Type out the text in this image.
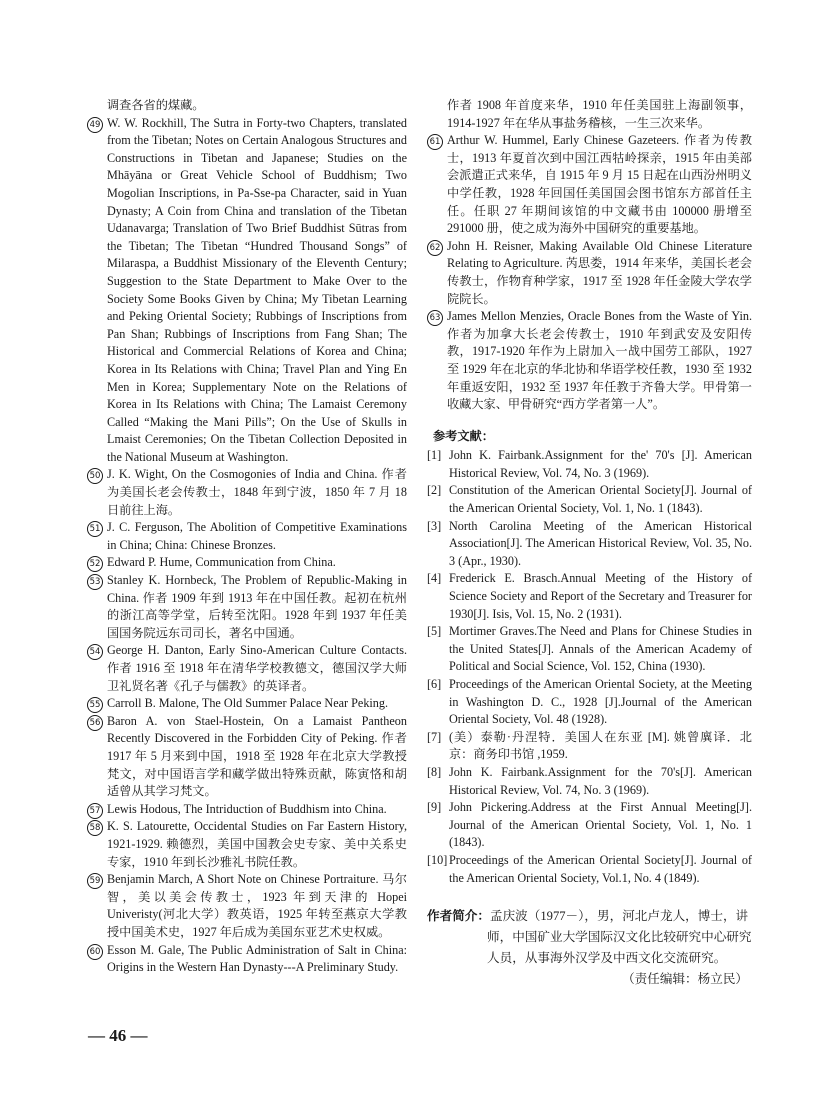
调查各省的煤藏。

49 W. W. Rockhill, The Sutra in Forty-two Chapters, translated from the Tibetan; Notes on Certain Analogous Structures and Constructions in Tibetan and Japanese; Studies on the Mhāyāna or Great Vehicle School of Buddhism; Two Mogolian Inscriptions, in Pa-Sse-pa Character, said in Yuan Dynasty; A Coin from China and translation of the Tibetan Udanavarga; Translation of Two Brief Buddhist Sūtras from the Tibetan; The Tibetan “Hundred Thousand Songs” of Milaraspa, a Buddhist Missionary of the Eleventh Century; Suggestion to the State Department to Make Over to the Society Some Books Given by China; My Tibetan Learning and Peking Oriental Society; Rubbings of Inscriptions from Pan Shan; Rubbings of Inscriptions from Fang Shan; The Historical and Commercial Relations of Korea and China; Korea in Its Relations with China; Travel Plan and Ying En Men in Korea; Supplementary Note on the Relations of Korea in Its Relations with China; The Lamaist Ceremony Called “Making the Mani Pills”; On the Use of Skulls in Lmaist Ceremonies; On the Tibetan Collection Deposited in the National Museum at Washington.

50 J. K. Wight, On the Cosmogonies of India and China. 作者为美国长老会传教士，1848 年到宁波，1850 年 7 月 18 日前往上海。

51 J. C. Ferguson, The Abolition of Competitive Examinations in China; China: Chinese Bronzes.

52 Edward P. Hume, Communication from China.

53 Stanley K. Hornbeck, The Problem of Republic-Making in China. 作者 1909 年到 1913 年在中国任教。起初在杭州的浙江高等学堂，后转至沈阳。1928 年到 1937 年任美国国务院远东司司长，著名中国通。

54 George H. Danton, Early Sino-American Culture Contacts. 作者 1916 至 1918 年在清华学校教德文，德国汉学大师卫礼贤名著《孔子与儒教》的英译者。

55 Carroll B. Malone, The Old Summer Palace Near Peking.

56 Baron A. von Stael-Hostein, On a Lamaist Pantheon Recently Discovered in the Forbidden City of Peking. 作者 1917 年 5 月来到中国，1918 至 1928 年在北京大学教授梵文，对中国语言学和藏学做出特殊贡献，陈寅恪和胡适曾从其学习梵文。

57 Lewis Hodous, The Intriduction of Buddhism into China.

58 K. S. Latourette, Occidental Studies on Far Eastern History, 1921-1929. 赖德烈，美国中国教会史专家、美中关系史专家，1910 年到长沙雅礼书院任教。

59 Benjamin March, A Short Note on Chinese Portraiture. 马尔智，美以美会传教士，1923 年到天津的 Hopei Univeristy(河北大学）教英语，1925 年转至燕京大学教授中国美术史，1927 年后成为美国东亚艺术史权威。

60 Esson M. Gale, The Public Administration of Salt in China: Origins in the Western Han Dynasty---A Preliminary Study.

作者 1908 年首度来华，1910 年任美国驻上海副领事，1914-1927 年在华从事盐务稽核，一生三次来华。

61 Arthur W. Hummel, Early Chinese Gazeteers. 作者为传教士，1913 年夏首次到中国江西牯岭探亲，1915 年由美部会派遣正式来华，自 1915 年 9 月 15 日起在山西汾州明义中学任教，1928 年回国任美国国会图书馆东方部首任主任。任职 27 年期间该馆的中文藏书由 100000 册增至 291000 册，使之成为海外中国研究的重要基地。

62 John H. Reisner, Making Available Old Chinese Literature Relating to Agriculture. 芮思娄，1914 年来华，美国长老会传教士，作物育种学家，1917 至 1928 年任金陵大学农学院院长。

63 James Mellon Menzies, Oracle Bones from the Waste of Yin. 作者为加拿大长老会传教士，1910 年到武安及安阳传教，1917-1920 年作为上尉加入一战中国劳工部队，1927 至 1929 年在北京的华北协和华语学校任教，1930 至 1932 年重返安阳，1932 至 1937 年任教于齐鲁大学。甲骨第一收藏大家、甲骨研究“西方学者第一人”。

参考文献：

[1] John K. Fairbank.Assignment for the' 70's [J]. American Historical Review, Vol. 74, No. 3 (1969).

[2] Constitution of the American Oriental Society[J]. Journal of the American Oriental Society, Vol. 1, No. 1 (1843).

[3] North Carolina Meeting of the American Historical Association[J]. The American Historical Review, Vol. 35, No. 3 (Apr., 1930).

[4] Frederick E. Brasch.Annual Meeting of the History of Science Society and Report of the Secretary and Treasurer for 1930[J]. Isis, Vol. 15, No. 2 (1931).

[5] Mortimer Graves.The Need and Plans for Chinese Studies in the United States[J]. Annals of the American Academy of Political and Social Science, Vol. 152, China (1930).

[6] Proceedings of the American Oriental Society, at the Meeting in Washington D. C., 1928 [J].Journal of the American Oriental Society, Vol. 48 (1928).

[7] (美）泰勒·丹涅特．美国人在东亚 [M]. 姚曾廙译．北京：商务印书馆 ,1959.

[8] John K. Fairbank.Assignment for the 70's[J]. American Historical Review, Vol. 74, No. 3 (1969).

[9] John Pickering.Address at the First Annual Meeting[J]. Journal of the American Oriental Society, Vol. 1, No. 1 (1843).

[10] Proceedings of the American Oriental Society[J]. Journal of the American Oriental Society, Vol.1, No. 4 (1849).

作者简介：孟庆波（1977－），男，河北卢龙人，博士，讲
师，中国矿业大学国际汉文化比较研究中心研究人员，从事海外汉学及中西文化交流研究。
（责任编辑：杨立民）
— 46 —
